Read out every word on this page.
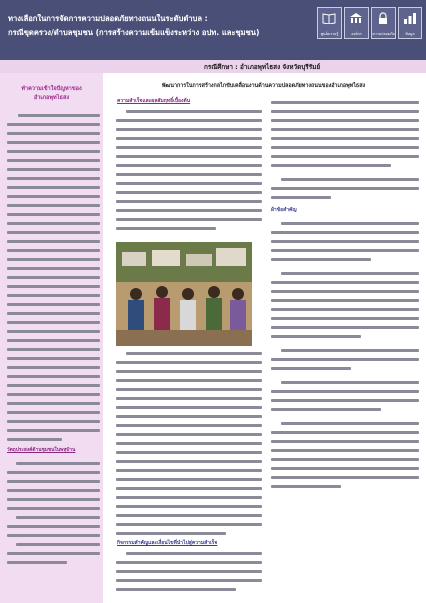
ทางเลือกในการจัดการความปลอดภัยทางถนนในระดับตำบล :
กรณีขุดครวง/ตำบลชุมชน (การสร้างความเข้มแข็งระหว่าง อปท. และชุมชน)	ศูนย์ความรู้	องค์กร	ความปลอดภัย	ข้อมูล
กรณีศึกษา : อำเภอพุทไธสง จังหวัดบุรีรัมย์
ทำความเข้าใจปัญหาของ
อำเภอพุทไธสง
วัตถุประสงค์ด้านชุมชนในพหุบ้าน
พัฒนาการในการสร้างกลไกขับเคลื่อนงานด้านความปลอดภัยทางถนนของอำเภอพุทไธสง
ความสำเร็จและผลสัมฤทธิ์เบื้องต้น
กิจกรรมสำคัญและเงื่อนไขที่นำไปสู่ความสำเร็จ
ผ้าข้อสำคัญ
